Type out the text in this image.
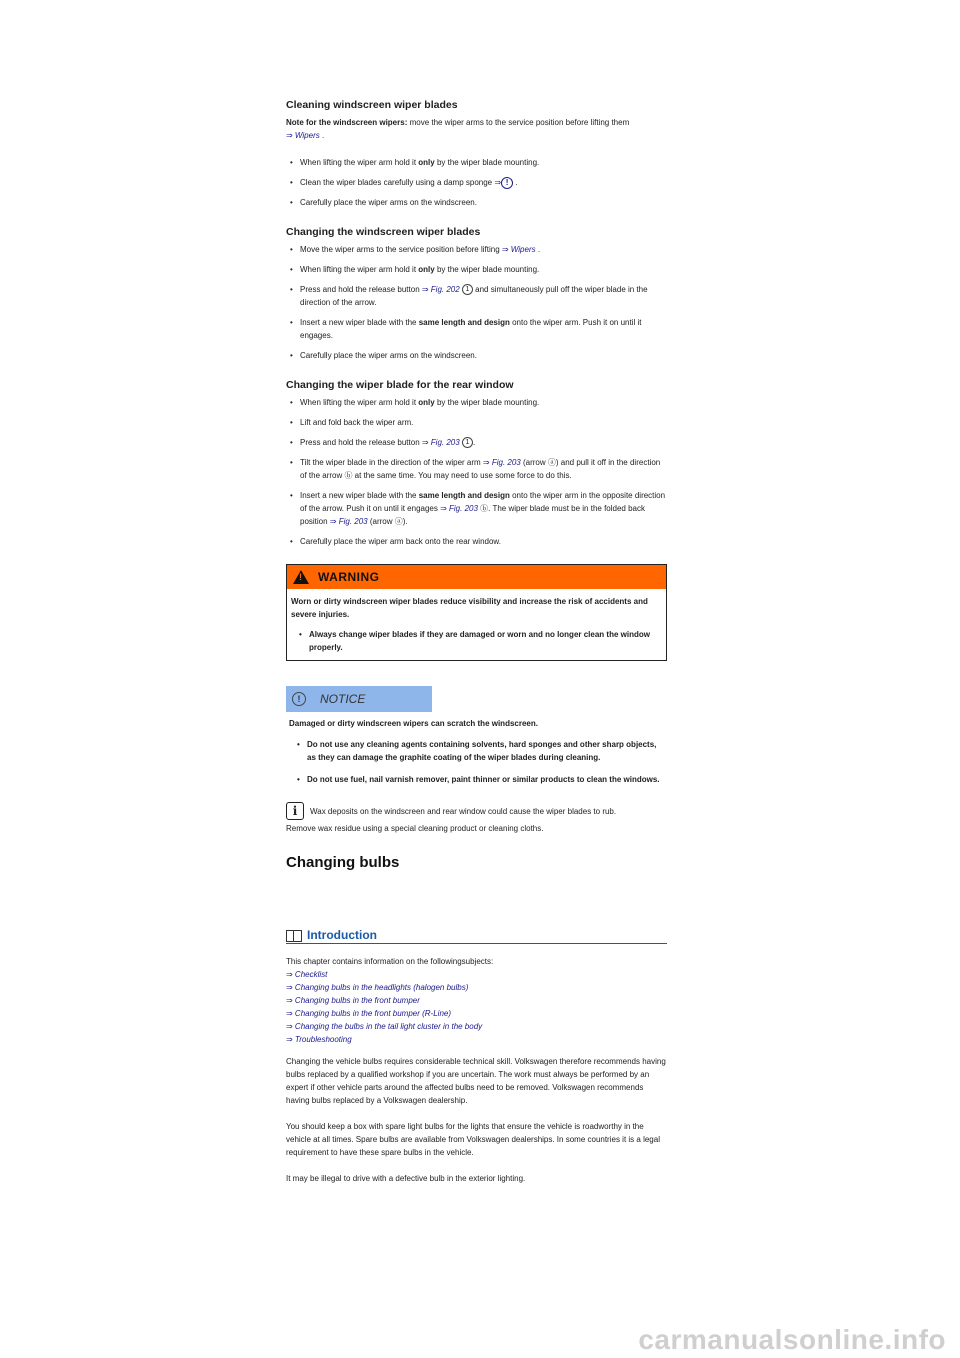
Cleaning windscreen wiper blades

Note for the windscreen wipers: move the wiper arms to the service position before lifting them
⇒ Wipers .

• When lifting the wiper arm hold it only by the wiper blade mounting.
• Clean the wiper blades carefully using a damp sponge ⇒ ! .
• Carefully place the wiper arms on the windscreen.
Changing the windscreen wiper blades
• Move the wiper arms to the service position before lifting ⇒ Wipers .
• When lifting the wiper arm hold it only by the wiper blade mounting.
• Press and hold the release button ⇒ Fig. 202 1 and simultaneously pull off the wiper blade in the direction of the arrow.
• Insert a new wiper blade with the same length and design onto the wiper arm. Push it on until it engages.
• Carefully place the wiper arms on the windscreen.
Changing the wiper blade for the rear window
• When lifting the wiper arm hold it only by the wiper blade mounting.
• Lift and fold back the wiper arm.
• Press and hold the release button ⇒ Fig. 203 1 .
• Tilt the wiper blade in the direction of the wiper arm ⇒ Fig. 203 (arrow ⓐ) and pull it off in the direction of the arrow ⓑ at the same time. You may need to use some force to do this.
• Insert a new wiper blade with the same length and design onto the wiper arm in the opposite direction of the arrow. Push it on until it engages ⇒ Fig. 203 ⓑ. The wiper blade must be in the folded back position ⇒ Fig. 203 (arrow ⓐ).
• Carefully place the wiper arm back onto the rear window.
! WARNING

Worn or dirty windscreen wiper blades reduce visibility and increase the risk of accidents and severe injuries.

• Always change wiper blades if they are damaged or worn and no longer clean the window properly.
!	NOTICE

Damaged or dirty windscreen wipers can scratch the windscreen.

• Do not use any cleaning agents containing solvents, hard sponges and other sharp objects, as they can damage the graphite coating of the wiper blades during cleaning.
• Do not use fuel, nail varnish remover, paint thinner or similar products to clean the windows.
i	Wax deposits on the windscreen and rear window could cause the wiper blades to rub.

Remove wax residue using a special cleaning product or cleaning cloths.

Changing bulbs
Introduction

This chapter contains information on the followingsubjects:

⇒ Checklist
⇒ Changing bulbs in the headlights (halogen bulbs)
⇒ Changing bulbs in the front bumper
⇒ Changing bulbs in the front bumper (R-Line)
⇒ Changing the bulbs in the tail light cluster in the body
⇒ Troubleshooting

Changing the vehicle bulbs requires considerable technical skill. Volkswagen therefore recommends having bulbs replaced by a qualified workshop if you are uncertain. The work must always be performed by an expert if other vehicle parts around the affected bulbs need to be removed. Volkswagen recommends having bulbs replaced by a Volkswagen dealership.

You should keep a box with spare light bulbs for the lights that ensure the vehicle is roadworthy in the vehicle at all times. Spare bulbs are available from Volkswagen dealerships. In some countries it is a legal requirement to have these spare bulbs in the vehicle.

It may be illegal to drive with a defective bulb in the exterior lighting.

carmanualsonline.info
